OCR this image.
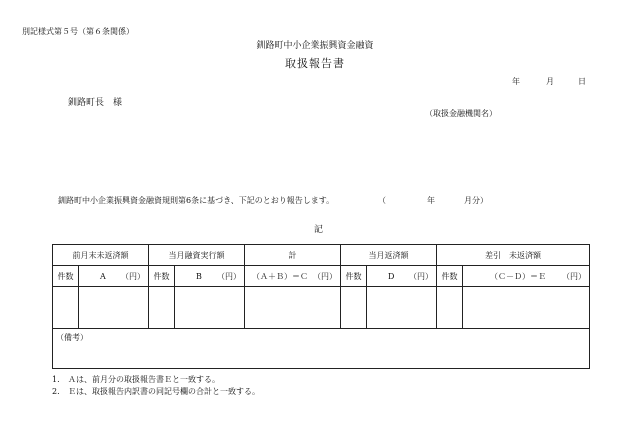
別記様式第５号（第６条関係）
釧路町中小企業振興資金融資
取扱報告書
年	月	日
釧路町長　様
（取扱金融機関名）
釧路町中小企業振興資金融資規則第6条に基づき、下記のとおり報告します。	（	年	月分）
記
前月末未返済額		当月融資実行額		計	当月返済額		差引　未返済額	
件数	A （円）	件数	B （円）	（Ａ＋Ｂ）＝Ｃ （円）	件数	D （円）	件数	（Ｃ－Ｄ）＝Ｅ （円）

（備考）								
1. Ａは、前月分の取扱報告書Ｅと一致する。
2. Ｅは、取扱報告内訳書の同記号欄の合計と一致する。
